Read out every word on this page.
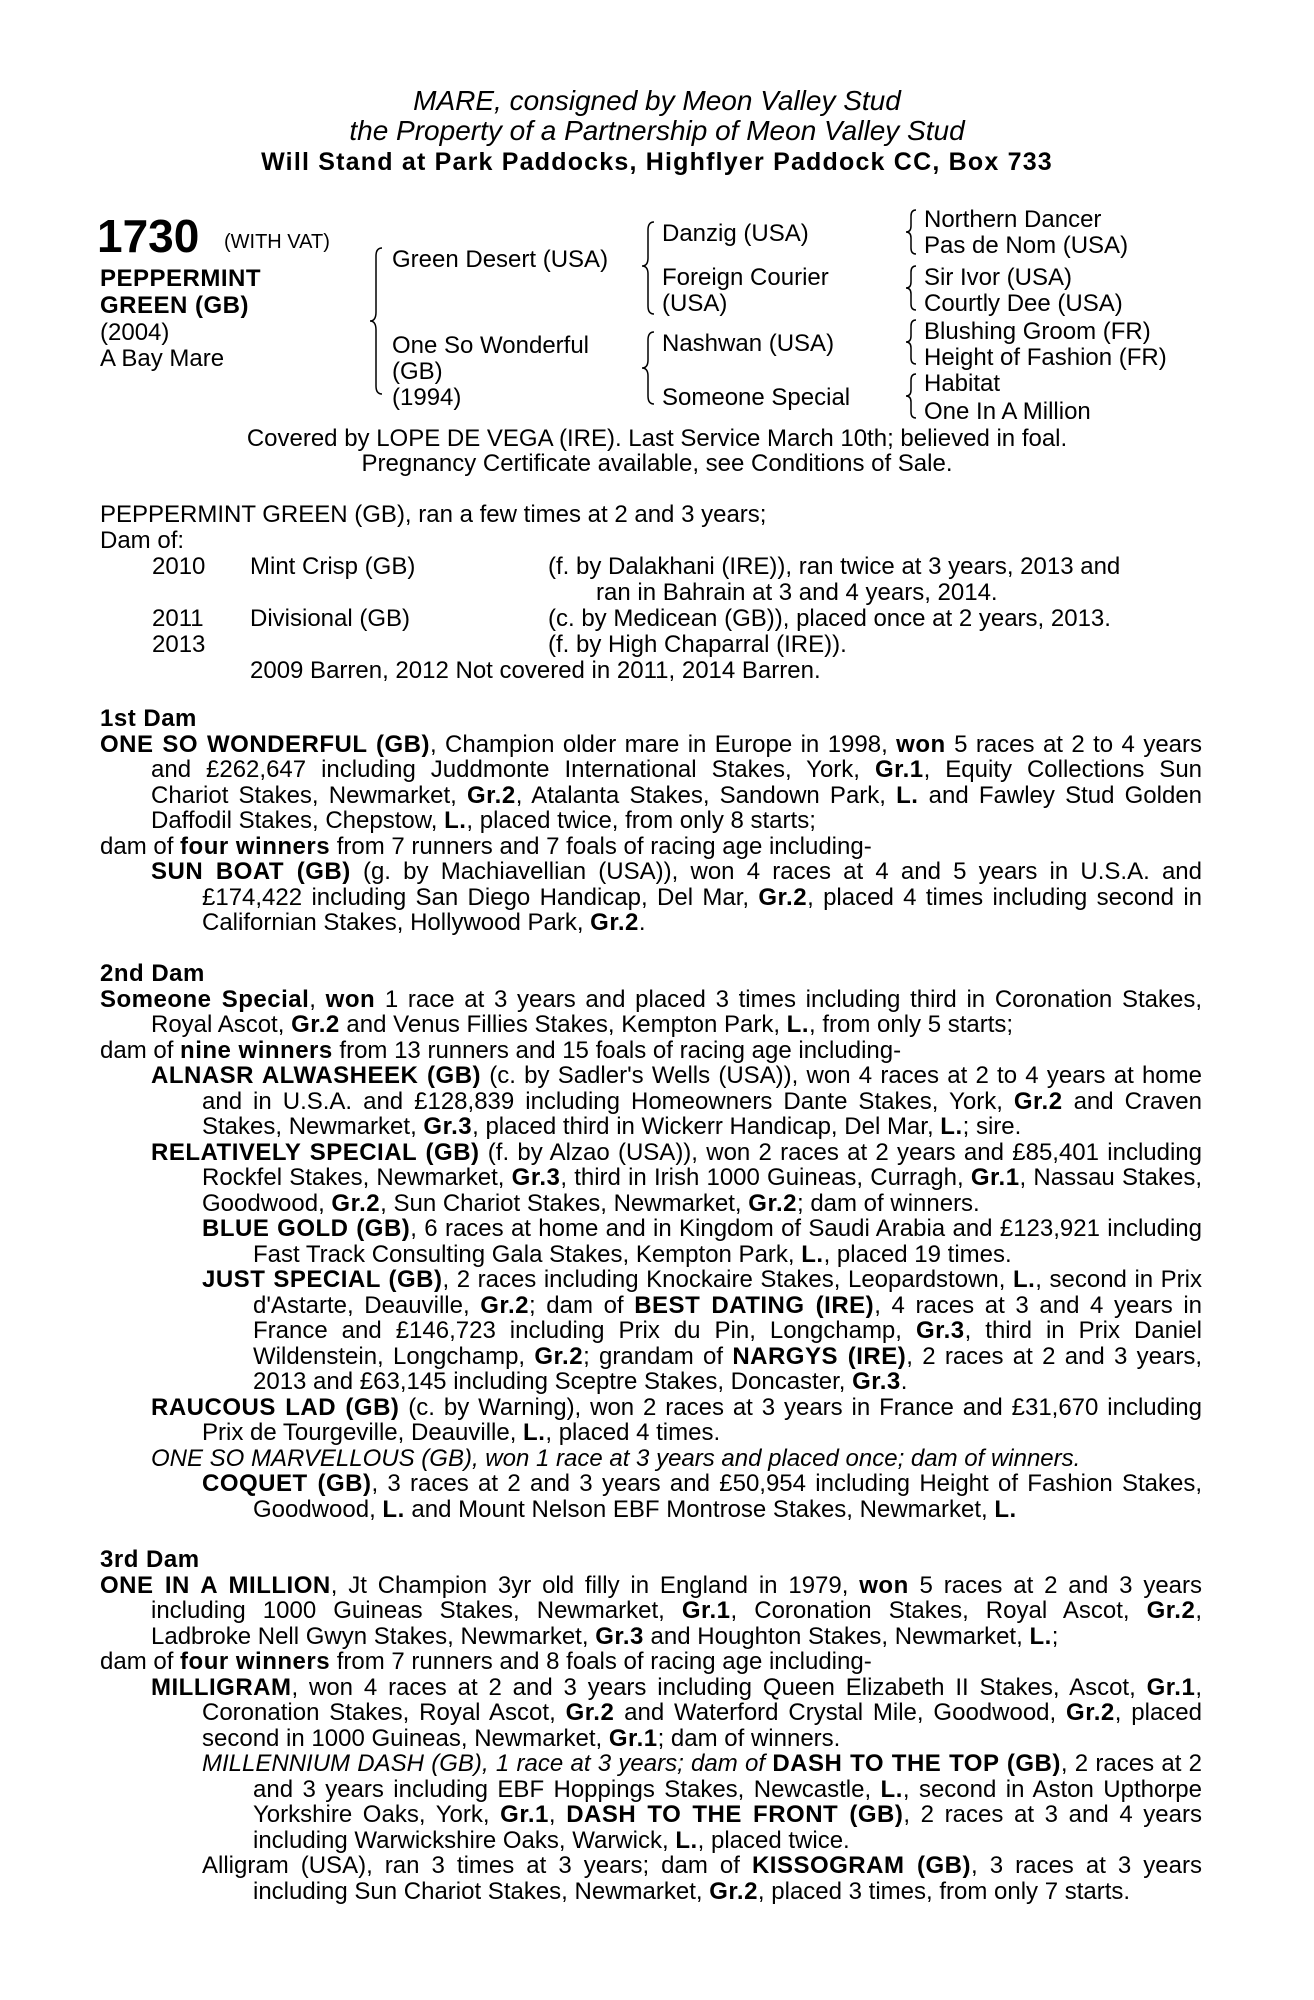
MARE, consigned by Meon Valley Stud
the Property of a Partnership of Meon Valley Stud
Will Stand at Park Paddocks, Highflyer Paddock CC, Box 733
1730 (WITH VAT)
PEPPERMINT
GREEN (GB)
(2004)
A Bay Mare
Green Desert (USA)
One So Wonderful
(GB)
(1994)
Danzig (USA)
Foreign Courier
(USA)
Nashwan (USA)
Someone Special
Northern Dancer
Pas de Nom (USA)
Sir Ivor (USA)
Courtly Dee (USA)
Blushing Groom (FR)
Height of Fashion (FR)
Habitat
One In A Million
Covered by LOPE DE VEGA (IRE). Last Service March 10th; believed in foal.
Pregnancy Certificate available, see Conditions of Sale.
PEPPERMINT GREEN (GB), ran a few times at 2 and 3 years;
Dam of:
2010 Mint Crisp (GB)	(f. by Dalakhani (IRE)), ran twice at 3 years, 2013 and
ran in Bahrain at 3 and 4 years, 2014.
2011 Divisional (GB)	(c. by Medicean (GB)), placed once at 2 years, 2013.
2013	(f. by High Chaparral (IRE)).
2009 Barren, 2012 Not covered in 2011, 2014 Barren.
1st Dam

ONE SO WONDERFUL (GB), Champion older mare in Europe in 1998, won 5 races at 2 to 4 years and £262,647 including Juddmonte International Stakes, York, Gr.1, Equity Collections Sun Chariot Stakes, Newmarket, Gr.2, Atalanta Stakes, Sandown Park, L. and Fawley Stud Golden Daffodil Stakes, Chepstow, L., placed twice, from only 8 starts;

dam of four winners from 7 runners and 7 foals of racing age including-

SUN BOAT (GB) (g. by Machiavellian (USA)), won 4 races at 4 and 5 years in U.S.A. and £174,422 including San Diego Handicap, Del Mar, Gr.2, placed 4 times including second in Californian Stakes, Hollywood Park, Gr.2.

2nd Dam

Someone Special, won 1 race at 3 years and placed 3 times including third in Coronation Stakes, Royal Ascot, Gr.2 and Venus Fillies Stakes, Kempton Park, L., from only 5 starts;

dam of nine winners from 13 runners and 15 foals of racing age including-

ALNASR ALWASHEEK (GB) (c. by Sadler's Wells (USA)), won 4 races at 2 to 4 years at home and in U.S.A. and £128,839 including Homeowners Dante Stakes, York, Gr.2 and Craven Stakes, Newmarket, Gr.3, placed third in Wickerr Handicap, Del Mar, L.; sire.

RELATIVELY SPECIAL (GB) (f. by Alzao (USA)), won 2 races at 2 years and £85,401 including Rockfel Stakes, Newmarket, Gr.3, third in Irish 1000 Guineas, Curragh, Gr.1, Nassau Stakes, Goodwood, Gr.2, Sun Chariot Stakes, Newmarket, Gr.2; dam of winners.

BLUE GOLD (GB), 6 races at home and in Kingdom of Saudi Arabia and £123,921 including Fast Track Consulting Gala Stakes, Kempton Park, L., placed 19 times.

JUST SPECIAL (GB), 2 races including Knockaire Stakes, Leopardstown, L., second in Prix d'Astarte, Deauville, Gr.2; dam of BEST DATING (IRE), 4 races at 3 and 4 years in France and £146,723 including Prix du Pin, Longchamp, Gr.3, third in Prix Daniel Wildenstein, Longchamp, Gr.2; grandam of NARGYS (IRE), 2 races at 2 and 3 years, 2013 and £63,145 including Sceptre Stakes, Doncaster, Gr.3.

RAUCOUS LAD (GB) (c. by Warning), won 2 races at 3 years in France and £31,670 including Prix de Tourgeville, Deauville, L., placed 4 times.

ONE SO MARVELLOUS (GB), won 1 race at 3 years and placed once; dam of winners.

COQUET (GB), 3 races at 2 and 3 years and £50,954 including Height of Fashion Stakes, Goodwood, L. and Mount Nelson EBF Montrose Stakes, Newmarket, L.

3rd Dam

ONE IN A MILLION, Jt Champion 3yr old filly in England in 1979, won 5 races at 2 and 3 years including 1000 Guineas Stakes, Newmarket, Gr.1, Coronation Stakes, Royal Ascot, Gr.2, Ladbroke Nell Gwyn Stakes, Newmarket, Gr.3 and Houghton Stakes, Newmarket, L.;

dam of four winners from 7 runners and 8 foals of racing age including-

MILLIGRAM, won 4 races at 2 and 3 years including Queen Elizabeth II Stakes, Ascot, Gr.1, Coronation Stakes, Royal Ascot, Gr.2 and Waterford Crystal Mile, Goodwood, Gr.2, placed second in 1000 Guineas, Newmarket, Gr.1; dam of winners.

MILLENNIUM DASH (GB), 1 race at 3 years; dam of DASH TO THE TOP (GB), 2 races at 2 and 3 years including EBF Hoppings Stakes, Newcastle, L., second in Aston Upthorpe Yorkshire Oaks, York, Gr.1, DASH TO THE FRONT (GB), 2 races at 3 and 4 years including Warwickshire Oaks, Warwick, L., placed twice.

Alligram (USA), ran 3 times at 3 years; dam of KISSOGRAM (GB), 3 races at 3 years including Sun Chariot Stakes, Newmarket, Gr.2, placed 3 times, from only 7 starts.
